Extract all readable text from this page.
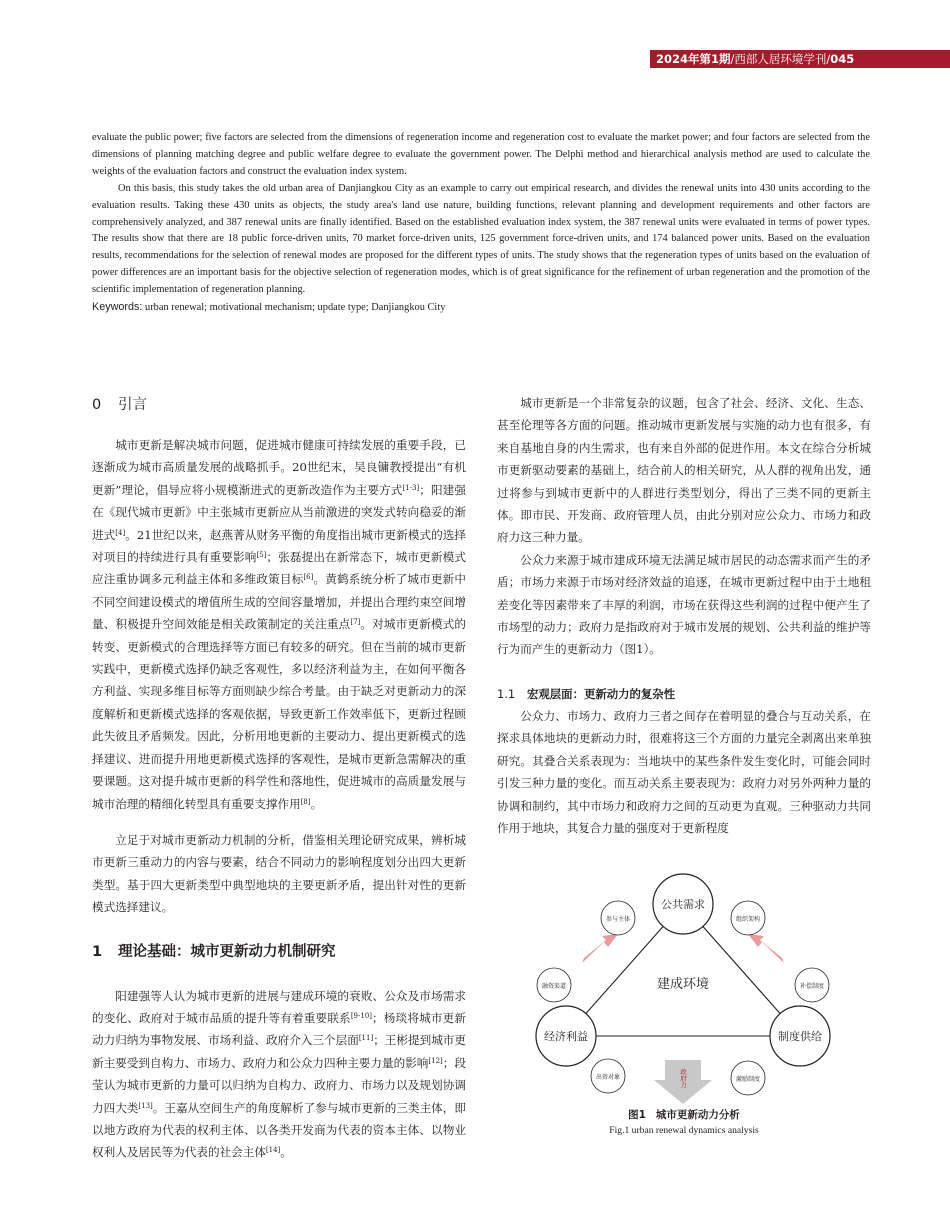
2024年第1期/西部人居环境学刊/045

evaluate the public power; five factors are selected from the dimensions of regeneration income and regeneration cost to evaluate the market power; and four factors are selected from the dimensions of planning matching degree and public welfare degree to evaluate the government power. The Delphi method and hierarchical analysis method are used to calculate the weights of the evaluation factors and construct the evaluation index system.

On this basis, this study takes the old urban area of Danjiangkou City as an example to carry out empirical research, and divides the renewal units into 430 units according to the evaluation results. Taking these 430 units as objects, the study area's land use nature, building functions, relevant planning and development requirements and other factors are comprehensively analyzed, and 387 renewal units are finally identified. Based on the established evaluation index system, the 387 renewal units were evaluated in terms of power types. The results show that there are 18 public force-driven units, 70 market force-driven units, 125 government force-driven units, and 174 balanced power units. Based on the evaluation results, recommendations for the selection of renewal modes are proposed for the different types of units. The study shows that the regeneration types of units based on the evaluation of power differences are an important basis for the objective selection of regeneration modes, which is of great significance for the refinement of urban regeneration and the promotion of the scientific implementation of regeneration planning.

Keywords: urban renewal; motivational mechanism; update type; Danjiangkou City

0 引言

城市更新是解决城市问题，促进城市健康可持续发展的重要手段，已逐渐成为城市高质量发展的战略抓手。20世纪末，吴良镛教授提出“有机更新”理论，倡导应将小规模渐进式的更新改造作为主要方式[1-3]；阳建强在《现代城市更新》中主张城市更新应从当前激进的突发式转向稳妥的渐进式[4]。21世纪以来，赵燕菁从财务平衡的角度指出城市更新模式的选择对项目的持续进行具有重要影响[5]；张磊提出在新常态下，城市更新模式应注重协调多元利益主体和多维政策目标[6]。黄鹤系统分析了城市更新中不同空间建设模式的增值所生成的空间容量增加，并提出合理约束空间增量、积极提升空间效能是相关政策制定的关注重点[7]。对城市更新模式的转变、更新模式的合理选择等方面已有较多的研究。但在当前的城市更新实践中，更新模式选择仍缺乏客观性，多以经济利益为主，在如何平衡各方利益、实现多维目标等方面则缺少综合考量。由于缺乏对更新动力的深度解析和更新模式选择的客观依据，导致更新工作效率低下，更新过程顾此失彼且矛盾频发。因此，分析用地更新的主要动力、提出更新模式的选择建议、进而提升用地更新模式选择的客观性，是城市更新急需解决的重要课题。这对提升城市更新的科学性和落地性，促进城市的高质量发展与城市治理的精细化转型具有重要支撑作用[8]。

立足于对城市更新动力机制的分析，借鉴相关理论研究成果，辨析城市更新三重动力的内容与要素，结合不同动力的影响程度划分出四大更新类型。基于四大更新类型中典型地块的主要更新矛盾，提出针对性的更新模式选择建议。

1 理论基础：城市更新动力机制研究

阳建强等人认为城市更新的进展与建成环境的衰败、公众及市场需求的变化、政府对于城市品质的提升等有着重要联系[9-10]；杨琰将城市更新动力归纳为事物发展、市场利益、政府介入三个层面[11]；王彬提到城市更新主要受到自构力、市场力、政府力和公众力四种主要力量的影响[12]；段莹认为城市更新的力量可以归纳为自构力、政府力、市场力以及规划协调力四大类[13]。王嘉从空间生产的角度解析了参与城市更新的三类主体，即以地方政府为代表的权利主体、以各类开发商为代表的资本主体、以物业权利人及居民等为代表的社会主体[14]。

城市更新是一个非常复杂的议题，包含了社会、经济、文化、生态、甚至伦理等各方面的问题。推动城市更新发展与实施的动力也有很多，有来自基地自身的内生需求，也有来自外部的促进作用。本文在综合分析城市更新驱动要素的基础上，结合前人的相关研究，从人群的视角出发，通过将参与到城市更新中的人群进行类型划分，得出了三类不同的更新主体。即市民、开发商、政府管理人员，由此分别对应公众力、市场力和政府力这三种力量。

公众力来源于城市建成环境无法满足城市居民的动态需求而产生的矛盾；市场力来源于市场对经济效益的追逐，在城市更新过程中由于土地租差变化等因素带来了丰厚的利润，市场在获得这些利润的过程中便产生了市场型的动力；政府力是指政府对于城市发展的规划、公共利益的维护等行为而产生的更新动力（图1）。

1.1 宏观层面：更新动力的复杂性

公众力、市场力、政府力三者之间存在着明显的叠合与互动关系，在探求具体地块的更新动力时，很难将这三个方面的力量完全剥离出来单独研究。其叠合关系表现为：当地块中的某些条件发生变化时，可能会同时引发三种力量的变化。而互动关系主要表现为：政府力对另外两种力量的协调和制约，其中市场力和政府力之间的互动更为直观。三种驱动力共同作用于地块，其复合力量的强度对于更新程度

市场力
公众力
政府力
建成环境
公共需求
经济利益	制度供给
参与主体	组织架构
融资渠道	补偿制度
出资对象	激励制度
图1 城市更新动力分析
Fig.1 urban renewal dynamics analysis
